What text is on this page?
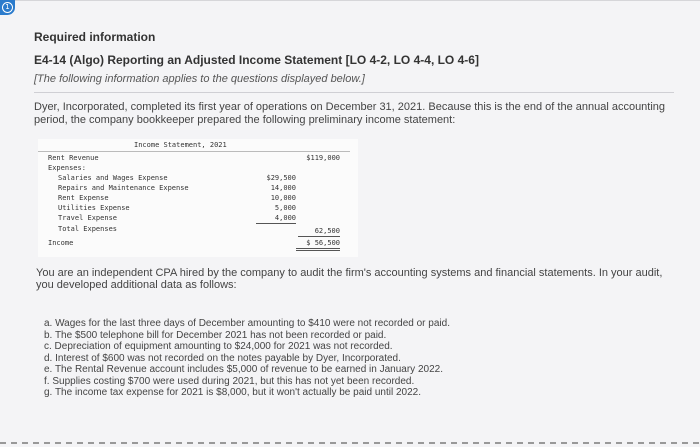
1
Required information
E4-14 (Algo) Reporting an Adjusted Income Statement [LO 4-2, LO 4-4, LO 4-6]
[The following information applies to the questions displayed below.]
Dyer, Incorporated, completed its first year of operations on December 31, 2021. Because this is the end of the annual accounting period, the company bookkeeper prepared the following preliminary income statement:
Income Statement, 2021
Rent Revenue	$119,000
Expenses:
Salaries and Wages Expense	$29,500
Repairs and Maintenance Expense	14,000
Rent Expense	10,000
Utilities Expense	5,000
Travel Expense	4,000
Total Expenses	62,500
Income	$ 56,500
You are an independent CPA hired by the company to audit the firm's accounting systems and financial statements. In your audit, you developed additional data as follows:
a. Wages for the last three days of December amounting to $410 were not recorded or paid.
b. The $500 telephone bill for December 2021 has not been recorded or paid.
c. Depreciation of equipment amounting to $24,000 for 2021 was not recorded.
d. Interest of $600 was not recorded on the notes payable by Dyer, Incorporated.
e. The Rental Revenue account includes $5,000 of revenue to be earned in January 2022.
f. Supplies costing $700 were used during 2021, but this has not yet been recorded.
g. The income tax expense for 2021 is $8,000, but it won't actually be paid until 2022.
